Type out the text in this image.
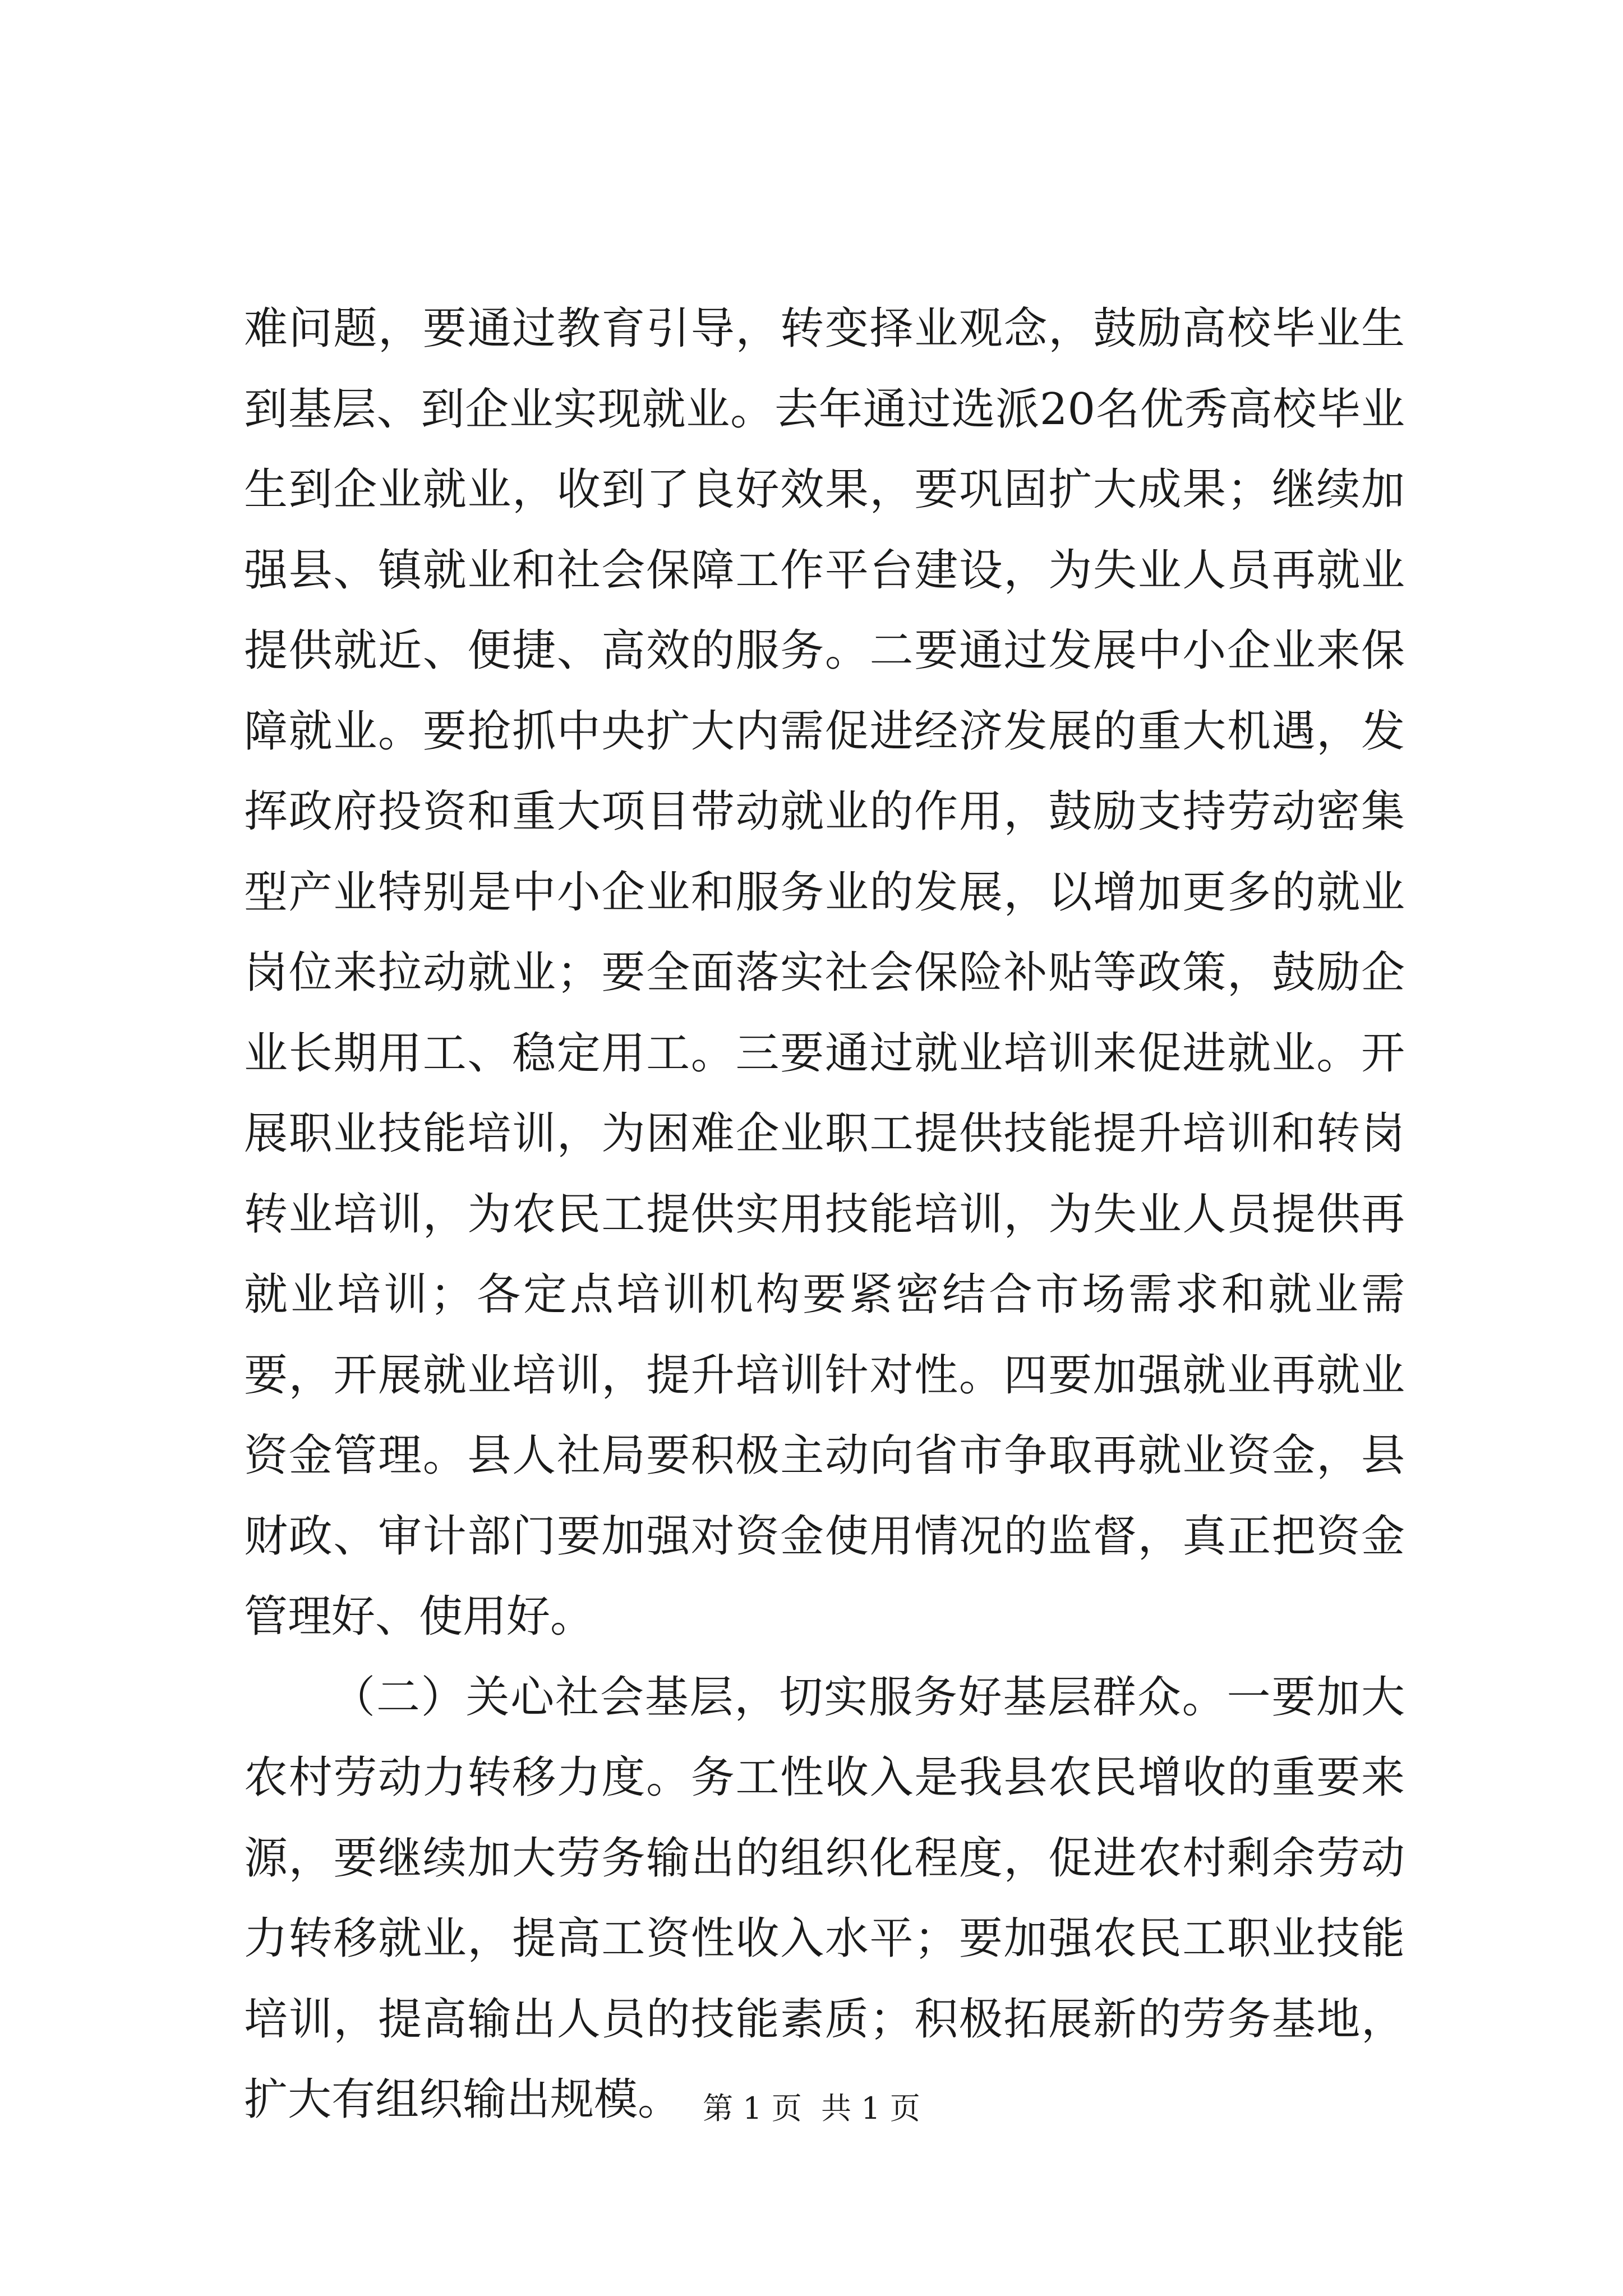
难问题，要通过教育引导，转变择业观念，鼓励高校毕业生到基层、到企业实现就业。去年通过选派20名优秀高校毕业生到企业就业，收到了良好效果，要巩固扩大成果；继续加强县、镇就业和社会保障工作平台建设，为失业人员再就业提供就近、便捷、高效的服务。二要通过发展中小企业来保障就业。要抢抓中央扩大内需促进经济发展的重大机遇，发挥政府投资和重大项目带动就业的作用，鼓励支持劳动密集型产业特别是中小企业和服务业的发展，以增加更多的就业岗位来拉动就业；要全面落实社会保险补贴等政策，鼓励企业长期用工、稳定用工。三要通过就业培训来促进就业。开展职业技能培训，为困难企业职工提供技能提升培训和转岗转业培训，为农民工提供实用技能培训，为失业人员提供再就业培训；各定点培训机构要紧密结合市场需求和就业需要，开展就业培训，提升培训针对性。四要加强就业再就业资金管理。县人社局要积极主动向省市争取再就业资金，县财政、审计部门要加强对资金使用情况的监督，真正把资金管理好、使用好。

（二）关心社会基层，切实服务好基层群众。一要加大农村劳动力转移力度。务工性收入是我县农民增收的重要来源，要继续加大劳务输出的组织化程度，促进农村剩余劳动力转移就业，提高工资性收入水平；要加强农民工职业技能培训，提高输出人员的技能素质；积极拓展新的劳务基地，扩大有组织输出规模。 第 1 页  共 1 页
